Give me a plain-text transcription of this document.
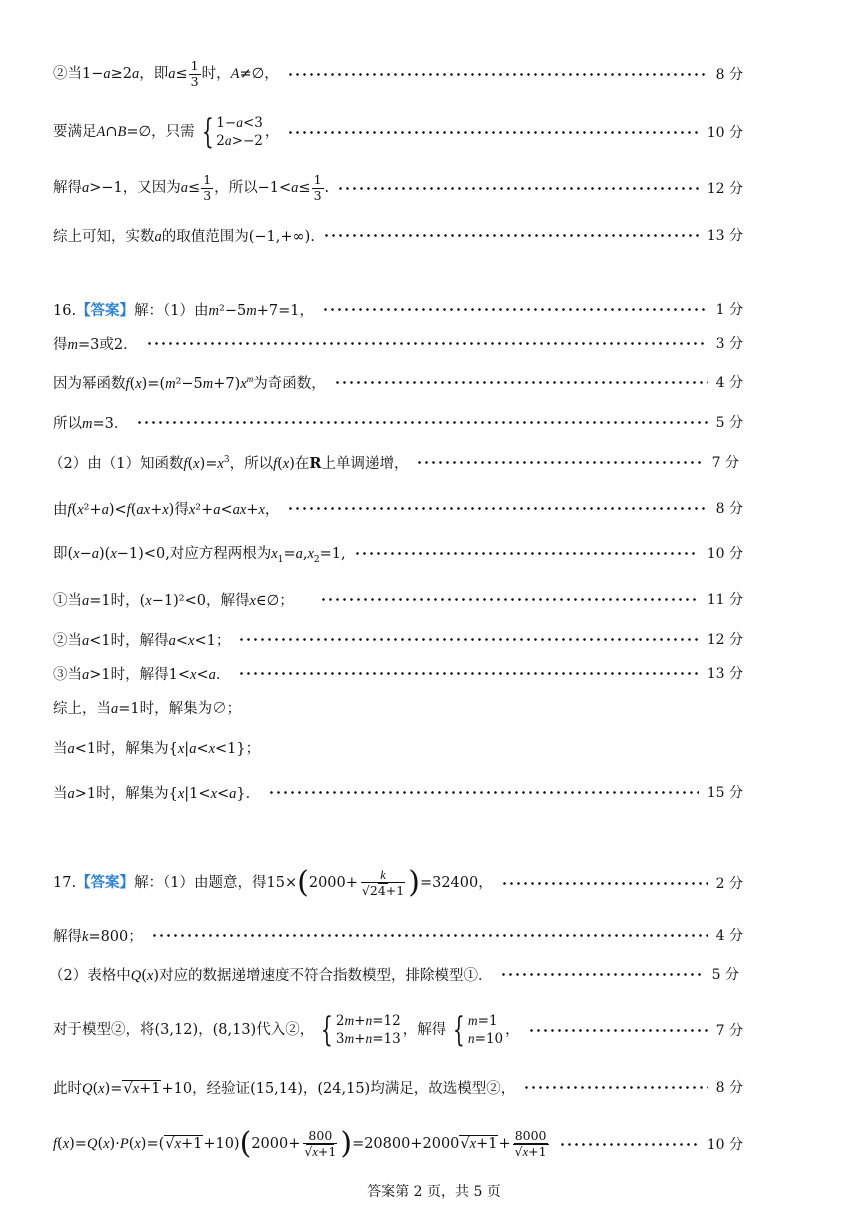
②当1−a≥2a，即$a\le \frac{1}{3}$ 时，A≠∅，	8 分
要满足A∩B=∅，只需 { 1−a<3
2a>−2
，	10 分
解得a>−1，又因为$a\le \frac{1}{3}$ ，所以$-1<a\le \frac{1}{3}$ .	12 分
综上可知，实数a的取值范围为(−1,+∞).	13 分
16.【答案】解：（1）由m²−5m+7=1，	1 分
得m=3或2．	3 分
因为幂函数$f(x)=(m^2-5m+7)x^m$为奇函数，	4 分
所以m=3．	5 分
（2）由（1）知函数$f(x)=x^3$，所以f(x)在R上单调递增，	7 分
由f(x²+a)<f(ax+x)得x²+a<ax+x，	8 分
即(x−a)(x−1)<0,对应方程两根为$x_1=a,x_2=1$,	10 分
①当a=1时，(x−1)²<0，解得x∈∅；	11 分
②当a<1时，解得a<x<1；	12 分
③当a>1时，解得1<x<a．	13 分
综上，当a=1时，解集为∅；
当a<1时，解集为{x|a<x<1}；
当a>1时，解集为{x|1<x<a}．	15 分
17.【答案】解：（1）由题意，得$15\times(2000+ \frac{k}{√24+1} )=32400$，	2 分
解得k=800；	4 分
（2）表格中Q(x)对应的数据递增速度不符合指数模型，排除模型①．	5 分
对于模型②，将(3,12)，(8,13)代入②， { 2m+n=12
3m+n=13
，解得 { m=1
n=10
，	7 分
此时Q(x)=√x+1+10，经验证(15,14)，(24,15)均满足，故选模型②，	8 分
$f(x)=Q(x)\cdot P(x)=(√x+1+10)(2000+ \frac{800}{√x+1} )=20800+2000√x+1+ \frac{8000}{√x+1}$	10 分
答案第 2 页，共 5 页
